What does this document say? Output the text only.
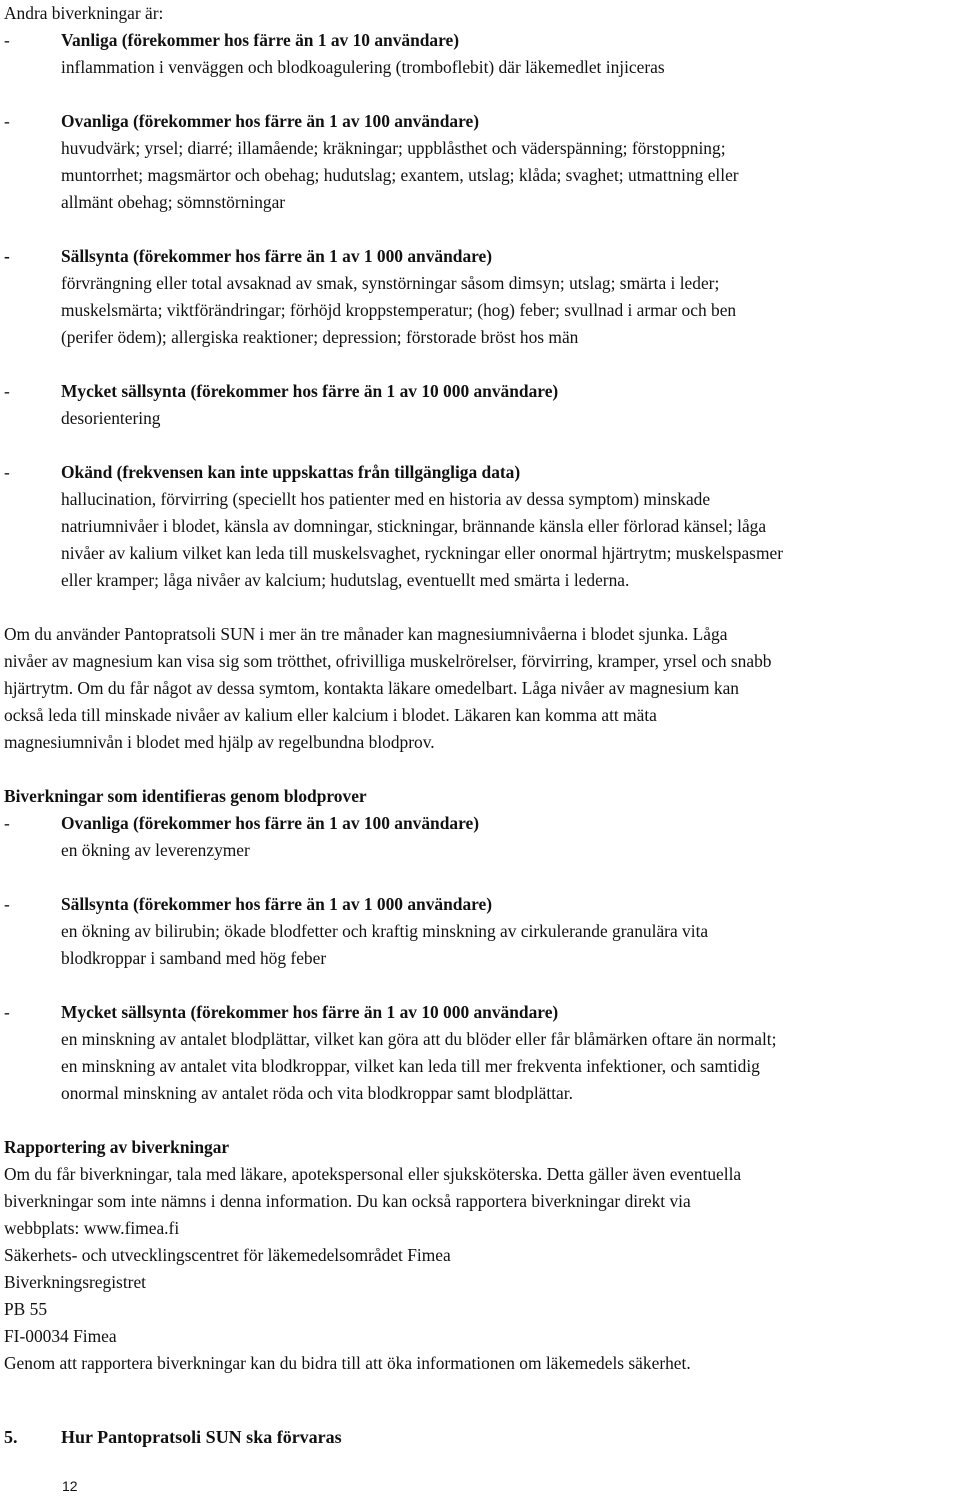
Andra biverkningar är:
-	Vanliga (förekommer hos färre än 1 av 10 användare)
inflammation i venväggen och blodkoagulering (tromboflebit) där läkemedlet injiceras
-	Ovanliga (förekommer hos färre än 1 av 100 användare)
huvudvärk; yrsel; diarré; illamående; kräkningar; uppblåsthet och väderspänning; förstoppning;
muntorrhet; magsmärtor och obehag; hudutslag; exantem, utslag; klåda; svaghet; utmattning eller
allmänt obehag; sömnstörningar
-	Sällsynta (förekommer hos färre än 1 av 1 000 användare)
förvrängning eller total avsaknad av smak, synstörningar såsom dimsyn; utslag; smärta i leder;
muskelsmärta; viktförändringar; förhöjd kroppstemperatur; (hog) feber; svullnad i armar och ben
(perifer ödem); allergiska reaktioner; depression; förstorade bröst hos män
-	Mycket sällsynta (förekommer hos färre än 1 av 10 000 användare)
desorientering
-	Okänd (frekvensen kan inte uppskattas från tillgängliga data)
hallucination, förvirring (speciellt hos patienter med en historia av dessa symptom) minskade
natriumnivåer i blodet, känsla av domningar, stickningar, brännande känsla eller förlorad känsel; låga
nivåer av kalium vilket kan leda till muskelsvaghet, ryckningar eller onormal hjärtrytm; muskelspasmer
eller kramper; låga nivåer av kalcium; hudutslag, eventuellt med smärta i lederna.
Om du använder Pantopratsoli SUN i mer än tre månader kan magnesiumnivåerna i blodet sjunka. Låga
nivåer av magnesium kan visa sig som trötthet, ofrivilliga muskelrörelser, förvirring, kramper, yrsel och snabb
hjärtrytm. Om du får något av dessa symtom, kontakta läkare omedelbart. Låga nivåer av magnesium kan
också leda till minskade nivåer av kalium eller kalcium i blodet. Läkaren kan komma att mäta
magnesiumnivån i blodet med hjälp av regelbundna blodprov.
Biverkningar som identifieras genom blodprover
-	Ovanliga (förekommer hos färre än 1 av 100 användare)
en ökning av leverenzymer
-	Sällsynta (förekommer hos färre än 1 av 1 000 användare)
en ökning av bilirubin; ökade blodfetter och kraftig minskning av cirkulerande granulära vita
blodkroppar i samband med hög feber
-	Mycket sällsynta (förekommer hos färre än 1 av 10 000 användare)
en minskning av antalet blodplättar, vilket kan göra att du blöder eller får blåmärken oftare än normalt;
en minskning av antalet vita blodkroppar, vilket kan leda till mer frekventa infektioner, och samtidig
onormal minskning av antalet röda och vita blodkroppar samt blodplättar.
Rapportering av biverkningar
Om du får biverkningar, tala med läkare, apotekspersonal eller sjuksköterska. Detta gäller även eventuella
biverkningar som inte nämns i denna information. Du kan också rapportera biverkningar direkt via
webbplats: www.fimea.fi
Säkerhets- och utvecklingscentret för läkemedelsområdet Fimea
Biverkningsregistret
PB 55
FI-00034 Fimea
Genom att rapportera biverkningar kan du bidra till att öka informationen om läkemedels säkerhet.
5. Hur Pantopratsoli SUN ska förvaras
12
